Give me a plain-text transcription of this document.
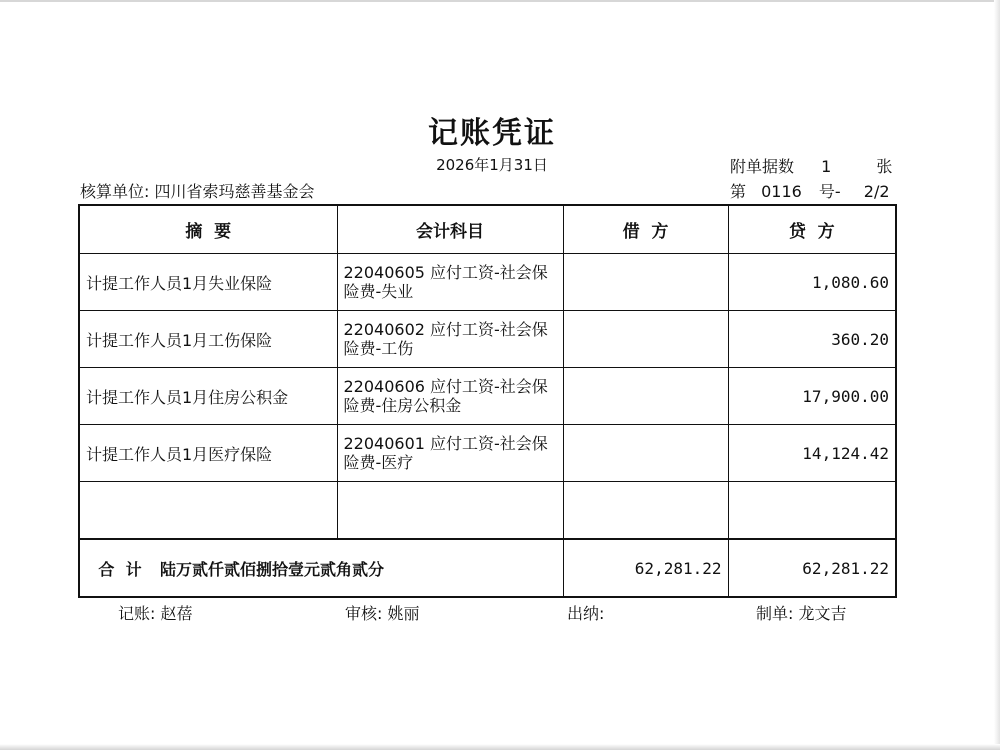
记账凭证
2026年1月31日
核算单位: 四川省索玛慈善基金会
附单据数 1	张
第 0116 号- 2/2
摘  要	会计科目	借  方	贷  方
计提工作人员1月失业保险	22040605 应付工资-社会保险费-失业		1,080.60
计提工作人员1月工伤保险	22040602 应付工资-社会保险费-工伤		360.20
计提工作人员1月住房公积金	22040606 应付工资-社会保险费-住房公积金		17,900.00
计提工作人员1月医疗保险	22040601 应付工资-社会保险费-医疗		14,124.42

合  计 陆万贰仟贰佰捌拾壹元贰角贰分		62,281.22	62,281.22
记账: 赵蓓	审核: 姚丽	出纳:	制单: 龙文吉
